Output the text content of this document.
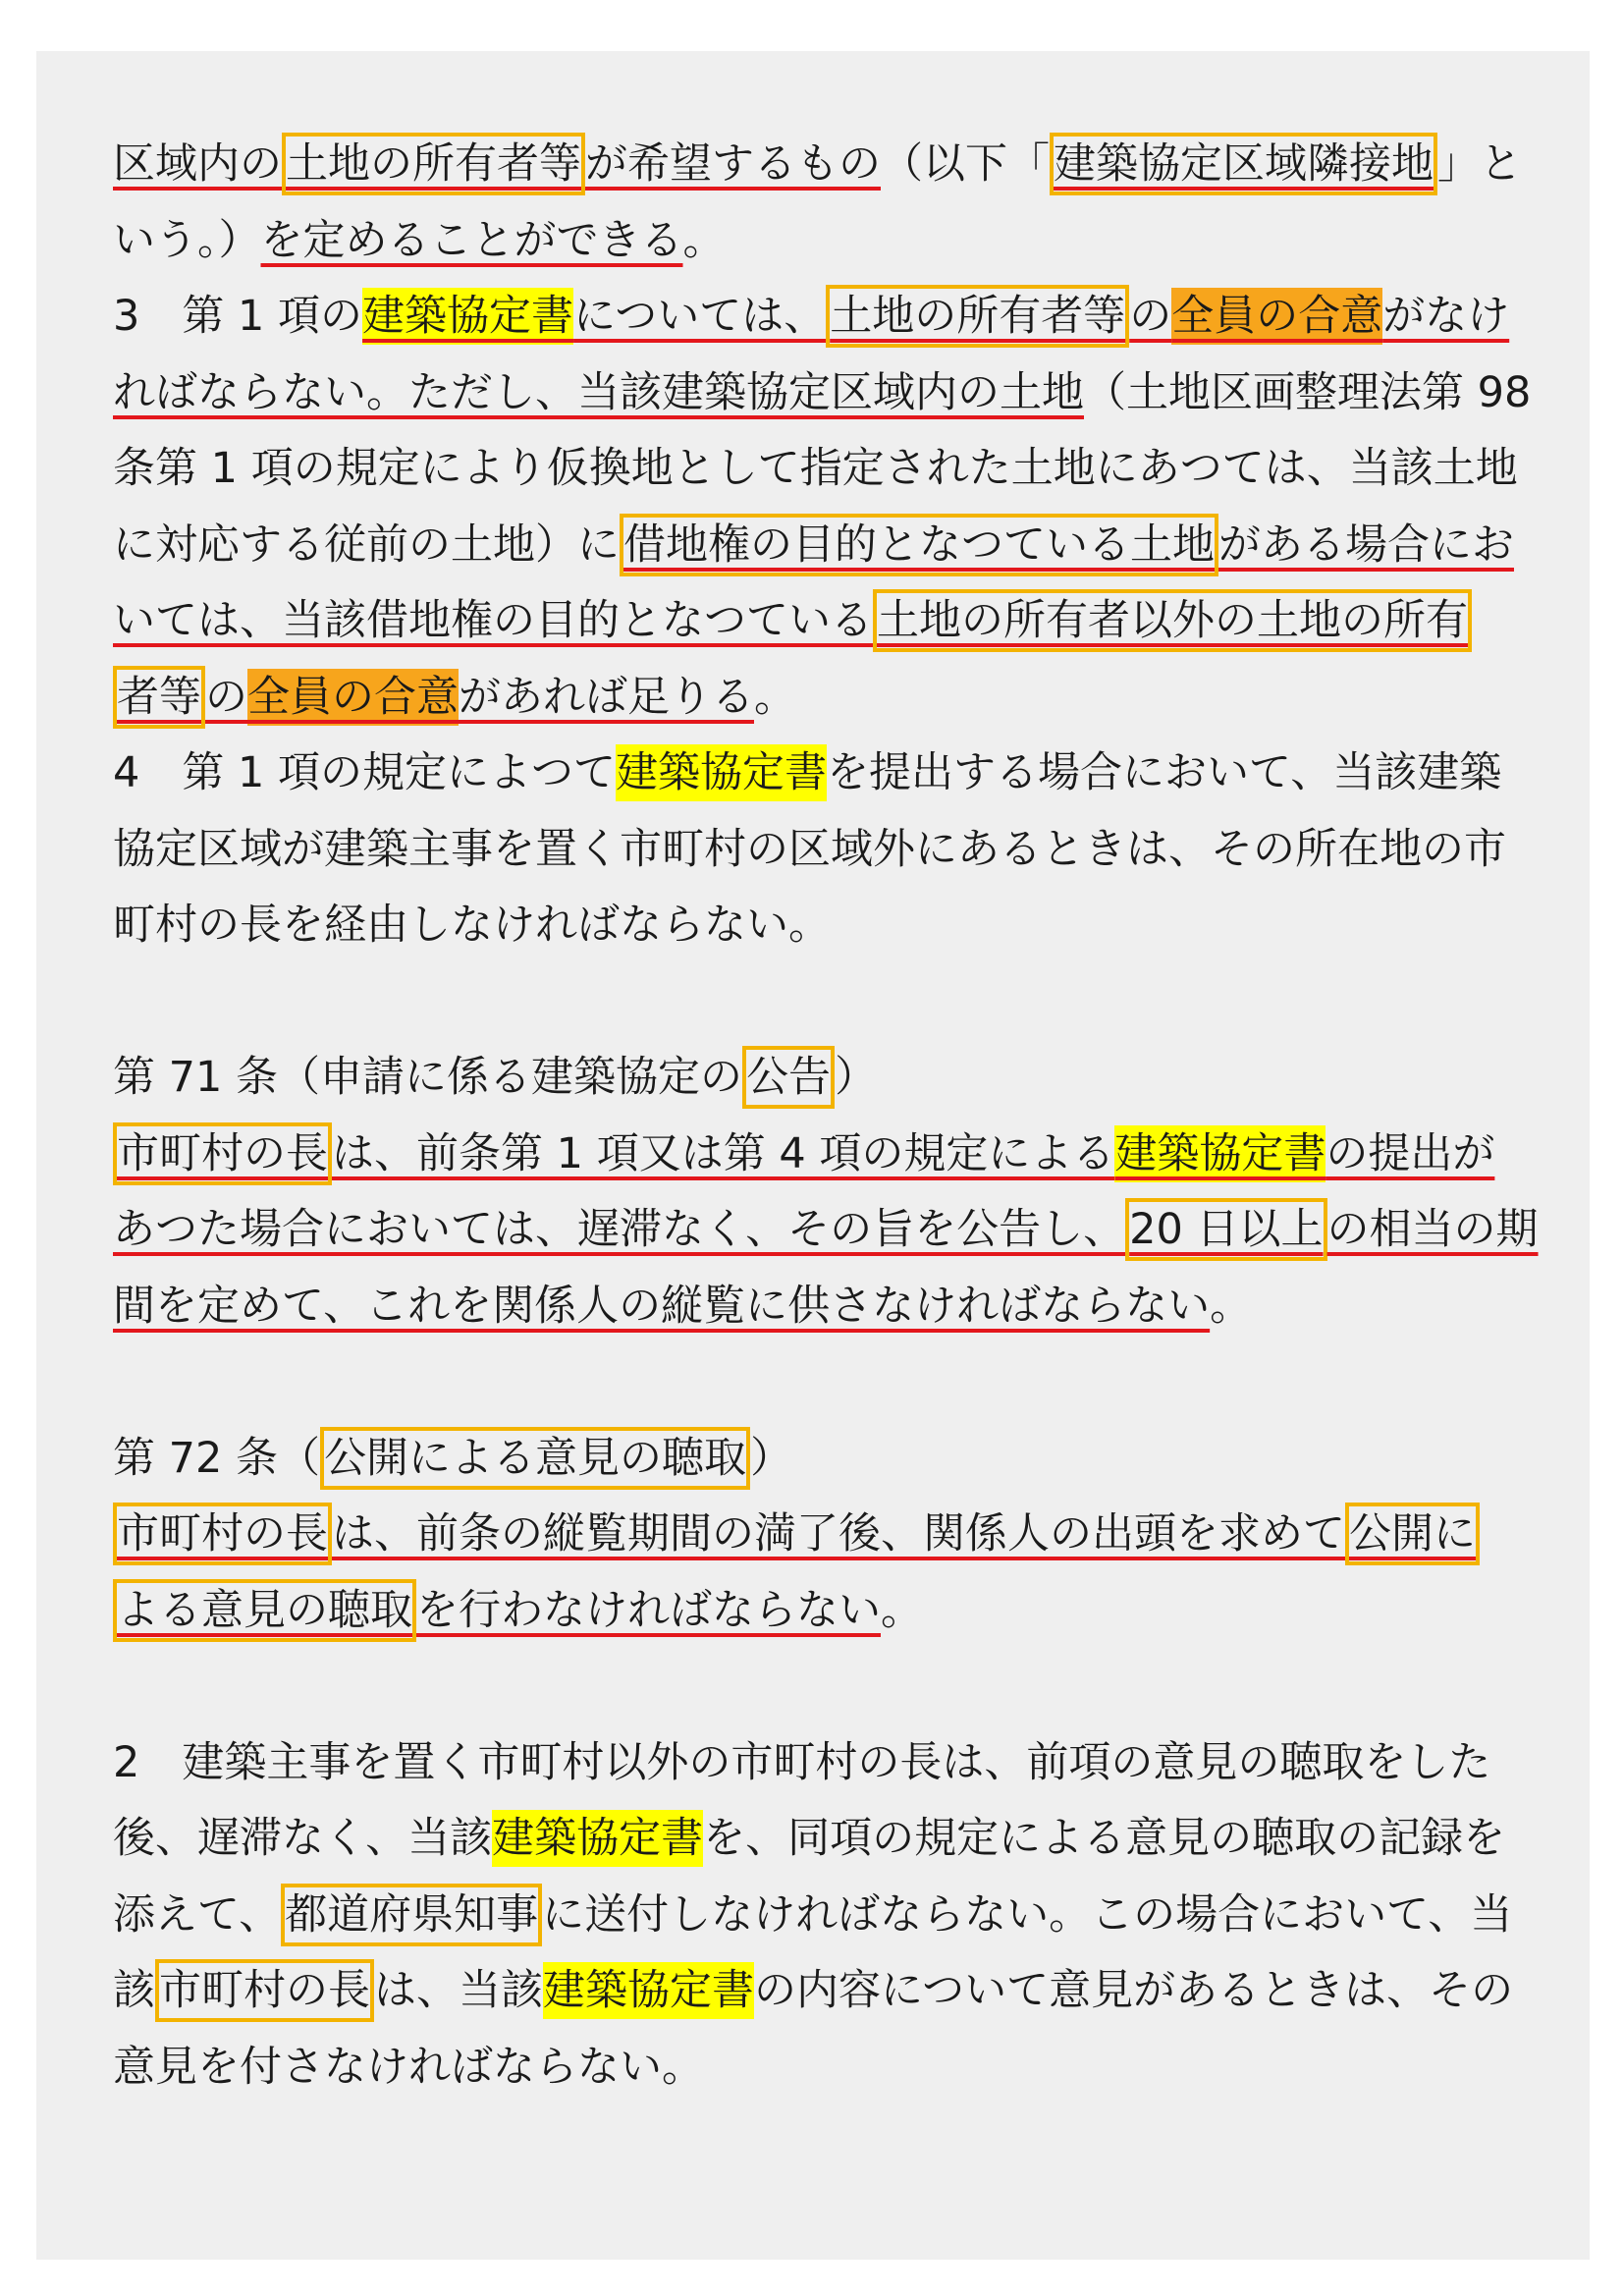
区域内の土地の所有者等が希望するもの（以下「建築協定区域隣接地」と
いう。）を定めることができる。
3　第 1 項の建築協定書については、土地の所有者等の全員の合意がなけ
ればならない。ただし、当該建築協定区域内の土地（土地区画整理法第 98
条第 1 項の規定により仮換地として指定された土地にあつては、当該土地
に対応する従前の土地）に借地権の目的となつている土地がある場合にお
いては、当該借地権の目的となつている土地の所有者以外の土地の所有
者等の全員の合意があれば足りる。
4　第 1 項の規定によつて建築協定書を提出する場合において、当該建築
協定区域が建築主事を置く市町村の区域外にあるときは、その所在地の市
町村の長を経由しなければならない。
第 71 条（申請に係る建築協定の公告）
市町村の長は、前条第 1 項又は第 4 項の規定による建築協定書の提出が
あつた場合においては、遅滞なく、その旨を公告し、20 日以上の相当の期
間を定めて、これを関係人の縦覧に供さなければならない。
第 72 条（公開による意見の聴取）
市町村の長は、前条の縦覧期間の満了後、関係人の出頭を求めて公開に
よる意見の聴取を行わなければならない。
2　建築主事を置く市町村以外の市町村の長は、前項の意見の聴取をした
後、遅滞なく、当該建築協定書を、同項の規定による意見の聴取の記録を
添えて、都道府県知事に送付しなければならない。この場合において、当
該市町村の長は、当該建築協定書の内容について意見があるときは、その
意見を付さなければならない。
